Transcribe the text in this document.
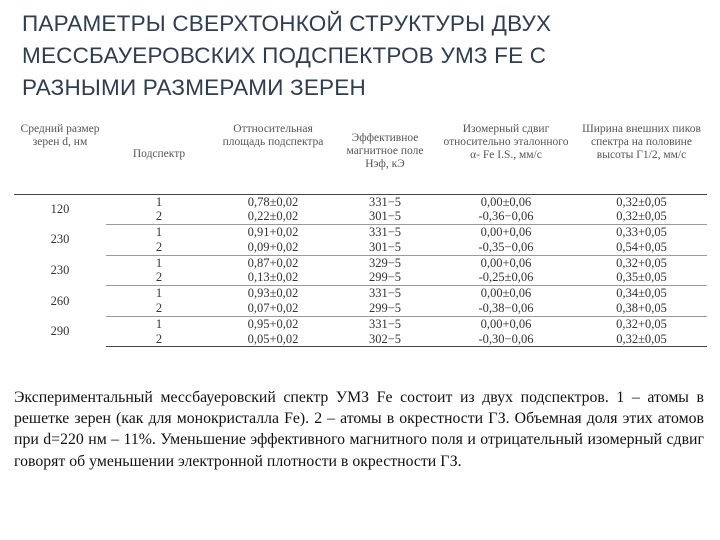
ПАРАМЕТРЫ СВЕРХТОНКОЙ СТРУКТУРЫ ДВУХ
МЕССБАУЕРОВСКИХ ПОДСПЕКТРОВ УМЗ FE С
РАЗНЫМИ РАЗМЕРАМИ ЗЕРЕН
Средний размер зерен d, нм	Подспектр	Оттносительная площадь подспектра	Эффективное магнитное поле Hэф, кЭ	Изомерный сдвиг относительно эталонного α- Fe I.S., мм/с	Ширина внешних пиков спектра на половине высоты Г1/2, мм/с
120	1	0,78±0,02	331−5	0,00±0,06	0,32±0,05
	2	0,22±0,02	301−5	-0,36−0,06	0,32±0,05
230	1	0,91+0,02	331−5	0,00+0,06	0,33+0,05
	2	0,09+0,02	301−5	-0,35−0,06	0,54+0,05
230	1	0,87+0,02	329−5	0,00+0,06	0,32+0,05
	2	0,13±0,02	299−5	-0,25±0,06	0,35±0,05
260	1	0,93±0,02	331−5	0,00±0,06	0,34±0,05
	2	0,07+0,02	299−5	-0,38−0,06	0,38+0,05
290	1	0,95+0,02	331−5	0,00+0,06	0,32+0,05
	2	0,05+0,02	302−5	-0,30−0,06	0,32±0,05
Экспериментальный мессбауеровский спектр УМЗ Fe состоит из двух подспектров. 1 – атомы в решетке зерен (как для монокристалла Fe). 2 – атомы в окрестности ГЗ. Объемная доля этих атомов при d=220 нм – 11%. Уменьшение эффективного магнитного поля и отрицательный изомерный сдвиг говорят об уменьшении электронной плотности в окрестности ГЗ.
